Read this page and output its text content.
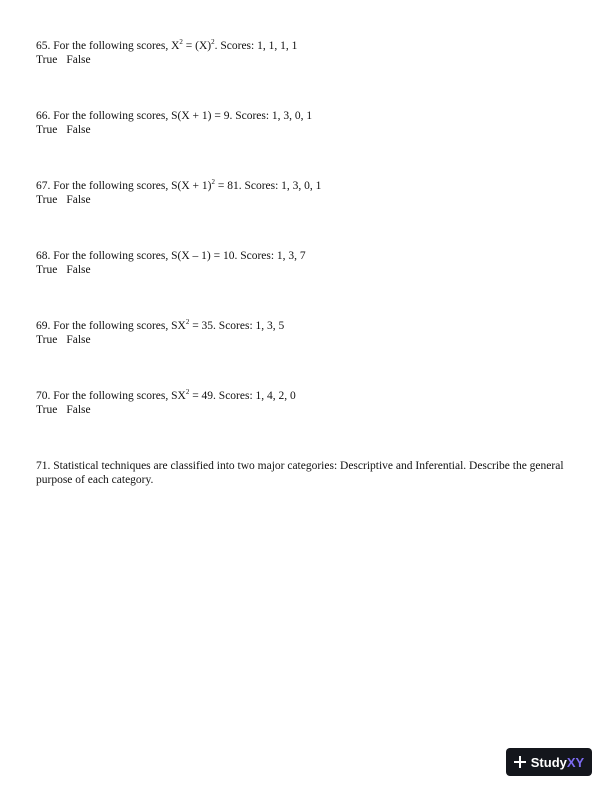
65. For the following scores, $X^2 = (X)^2$. Scores: 1, 1, 1, 1
True False
66. For the following scores, S(X + 1) = 9. Scores: 1, 3, 0, 1
True False
67. For the following scores, $S(X + 1)^2 = 81$. Scores: 1, 3, 0, 1
True False
68. For the following scores, S(X – 1) = 10. Scores: 1, 3, 7
True False
69. For the following scores, $SX^2 = 35$. Scores: 1, 3, 5
True False
70. For the following scores, $SX^2 = 49$. Scores: 1, 4, 2, 0
True False
71. Statistical techniques are classified into two major categories: Descriptive and Inferential. Describe the general purpose of each category.
Study XY
